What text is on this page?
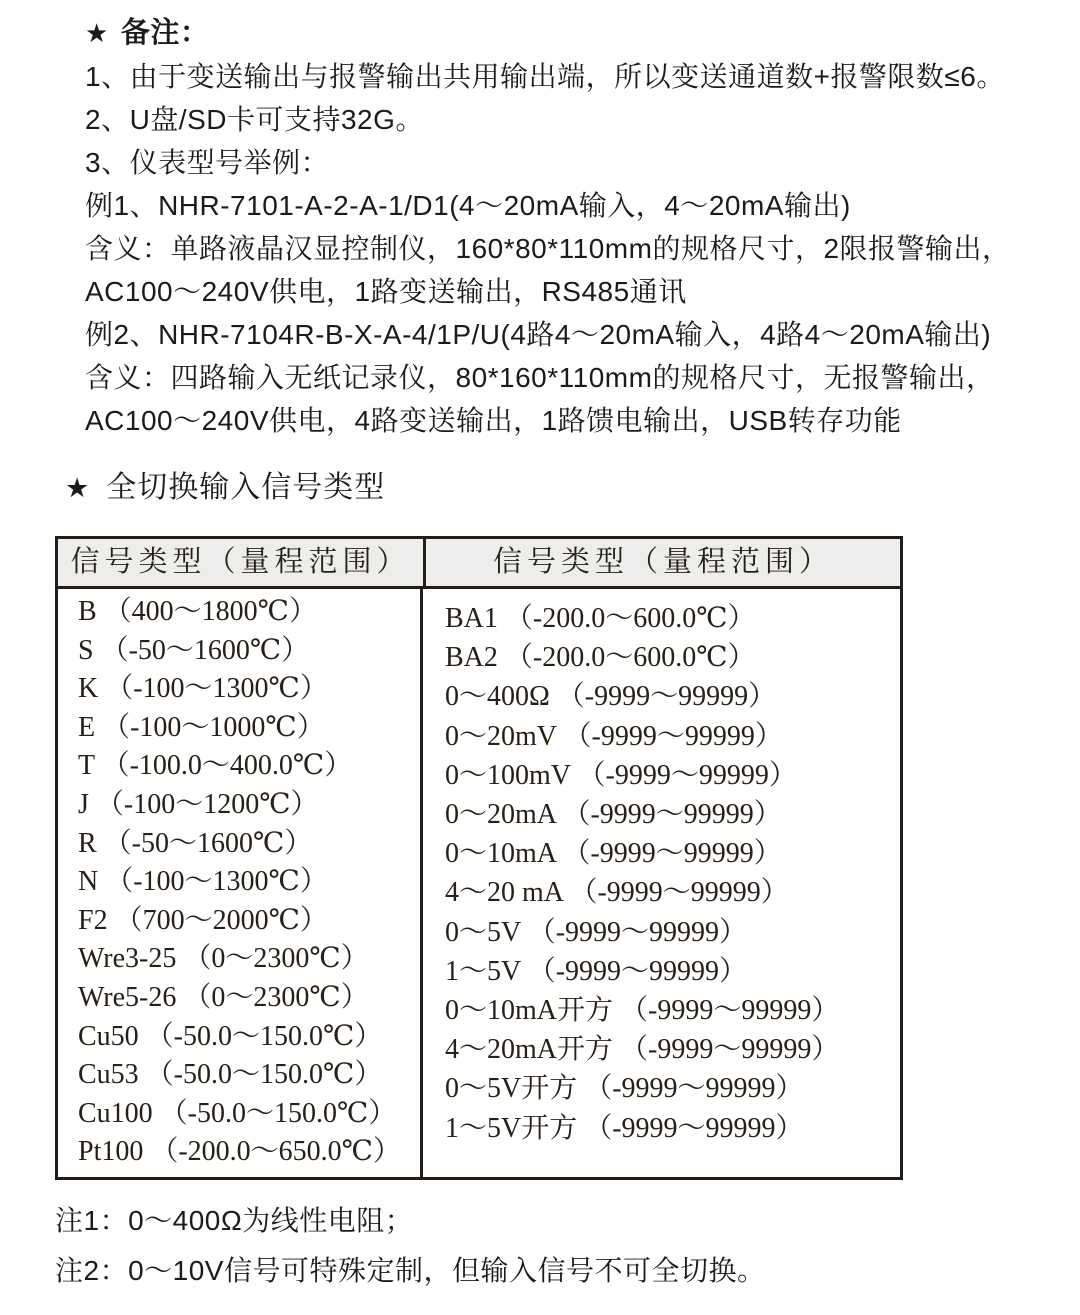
★ 备注：
1、由于变送输出与报警输出共用输出端，所以变送通道数+报警限数≤6。
2、U盘/SD卡可支持32G。
3、仪表型号举例：
例1、NHR-7101-A-2-A-1/D1(4～20mA输入，4～20mA输出)
含义：单路液晶汉显控制仪，160*80*110mm的规格尺寸，2限报警输出，
AC100～240V供电，1路变送输出，RS485通讯
例2、NHR-7104R-B-X-A-4/1P/U(4路4～20mA输入，4路4～20mA输出)
含义：四路输入无纸记录仪，80*160*110mm的规格尺寸，无报警输出，
AC100～240V供电，4路变送输出，1路馈电输出，USB转存功能
★ 全切换输入信号类型
信号类型（量程范围）	信号类型（量程范围）
B （400～1800℃）
S （-50～1600℃）
K （-100～1300℃）
E （-100～1000℃）
T （-100.0～400.0℃）
J （-100～1200℃）
R （-50～1600℃）
N （-100～1300℃）
F2 （700～2000℃）
Wre3-25 （0～2300℃）
Wre5-26 （0～2300℃）
Cu50 （-50.0～150.0℃）
Cu53 （-50.0～150.0℃）
Cu100 （-50.0～150.0℃）
Pt100 （-200.0～650.0℃）
BA1 （-200.0～600.0℃）
BA2 （-200.0～600.0℃）
0～400Ω （-9999～99999）
0～20mV （-9999～99999）
0～100mV （-9999～99999）
0～20mA （-9999～99999）
0～10mA （-9999～99999）
4～20 mA （-9999～99999）
0～5V （-9999～99999）
1～5V （-9999～99999）
0～10mA开方 （-9999～99999）
4～20mA开方 （-9999～99999）
0～5V开方 （-9999～99999）
1～5V开方 （-9999～99999）
注1：0～400Ω为线性电阻；
注2：0～10V信号可特殊定制，但输入信号不可全切换。
